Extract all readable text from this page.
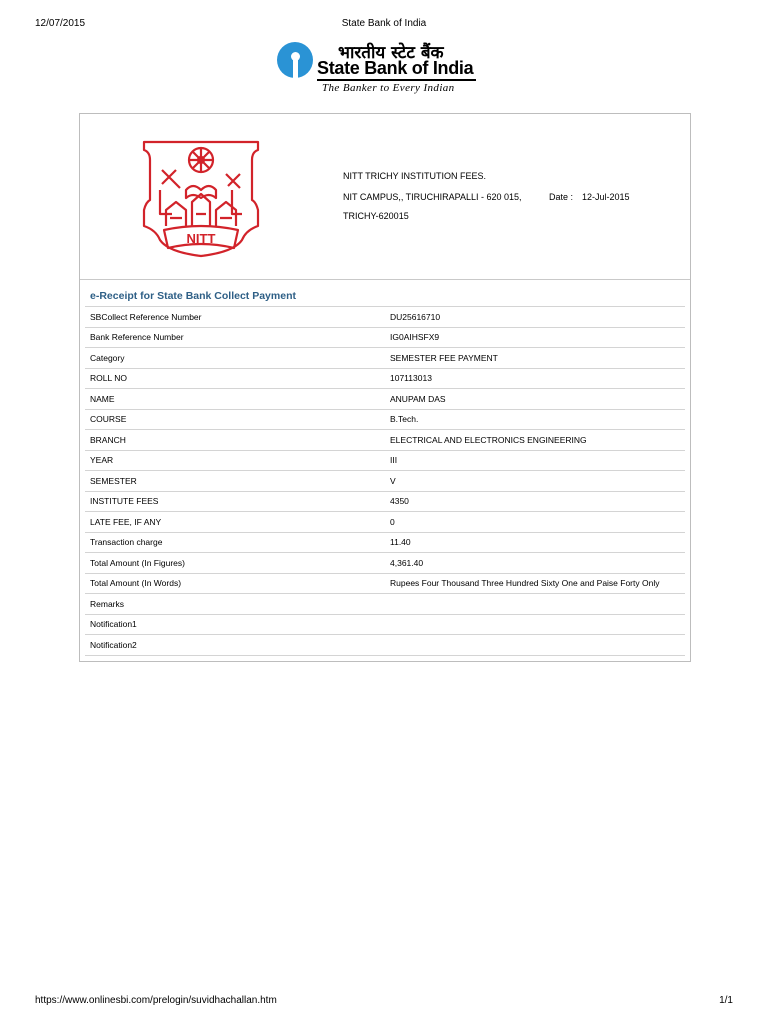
12/07/2015	State Bank of India
भारतीय स्टेट बैंक
State Bank of India
The Banker to Every Indian
NITT
NITT TRICHY INSTITUTION FEES.
NIT CAMPUS,, TIRUCHIRAPALLI - 620 015,	Date : 12-Jul-2015
TRICHY-620015
e-Receipt for State Bank Collect Payment
SBCollect Reference Number	DU25616710
Bank Reference Number	IG0AIHSFX9
Category	SEMESTER FEE PAYMENT
ROLL NO	107113013
NAME	ANUPAM DAS
COURSE	B.Tech.
BRANCH	ELECTRICAL AND ELECTRONICS ENGINEERING
YEAR	III
SEMESTER	V
INSTITUTE FEES	4350
LATE FEE, IF ANY	0
Transaction charge	11.40
Total Amount (In Figures)	4,361.40
Total Amount (In Words)	Rupees Four Thousand Three Hundred Sixty One and Paise Forty Only
Remarks	
Notification1	
Notification2	
https://www.onlinesbi.com/prelogin/suvidhachallan.htm	1/1
